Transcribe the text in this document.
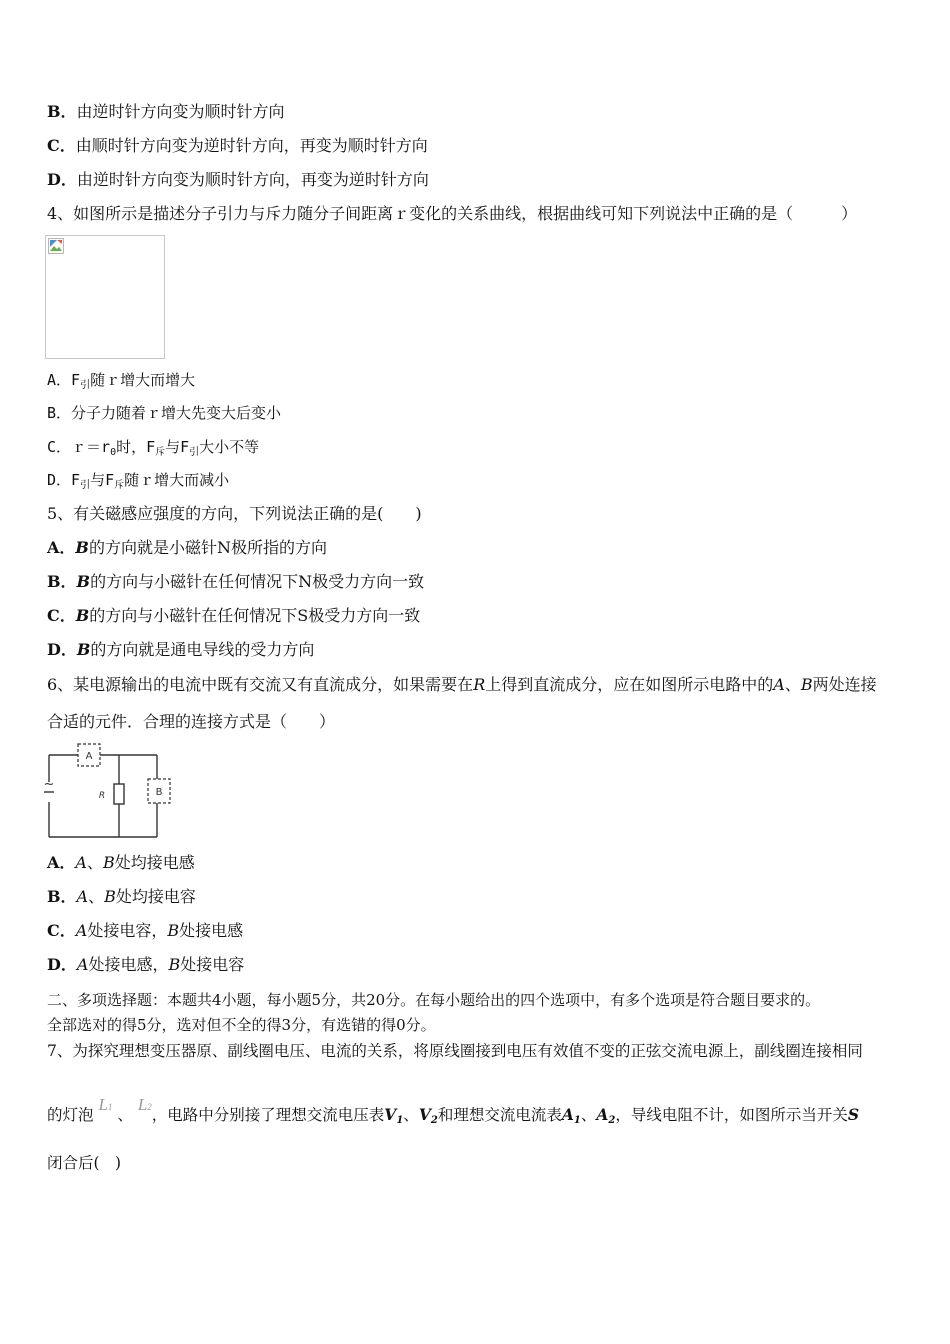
B．由逆时针方向变为顺时针方向
C．由顺时针方向变为逆时针方向，再变为顺时针方向
D．由逆时针方向变为顺时针方向，再变为逆时针方向
4、如图所示是描述分子引力与斥力随分子间距离ｒ变化的关系曲线，根据曲线可知下列说法中正确的是（　　　）
A．$F_引$随ｒ增大而增大
B．分子力随着ｒ增大先变大后变小
C．$r=r_0$时，$F_斥$与$F_引$大小不等
D．$F_引$与$F_斥$随ｒ增大而减小
5、有关磁感应强度的方向，下列说法正确的是(　　)
A．B的方向就是小磁针N极所指的方向
B．B的方向与小磁针在任何情况下N极受力方向一致
C．B的方向与小磁针在任何情况下S极受力方向一致
D．B的方向就是通电导线的受力方向
6、某电源输出的电流中既有交流又有直流成分，如果需要在R上得到直流成分，应在如图所示电路中的A、B两处连接
合适的元件．合理的连接方式是（　　）
~
A
B
R
A．A、B处均接电感
B．A、B处均接电容
C．A处接电容，B处接电感
D．A处接电感，B处接电容
二、多项选择题：本题共4小题，每小题5分，共20分。在每小题给出的四个选项中，有多个选项是符合题目要求的。
全部选对的得5分，选对但不全的得3分，有选错的得0分。
7、为探究理想变压器原、副线圈电压、电流的关系，将原线圈接到电压有效值不变的正弦交流电源上，副线圈连接相同
的灯泡 L1 、 L2，电路中分别接了理想交流电压表$V_1$、$V_2$和理想交流电流表$A_1$、$A_2$，导线电阻不计，如图所示当开关S
闭合后(　)
